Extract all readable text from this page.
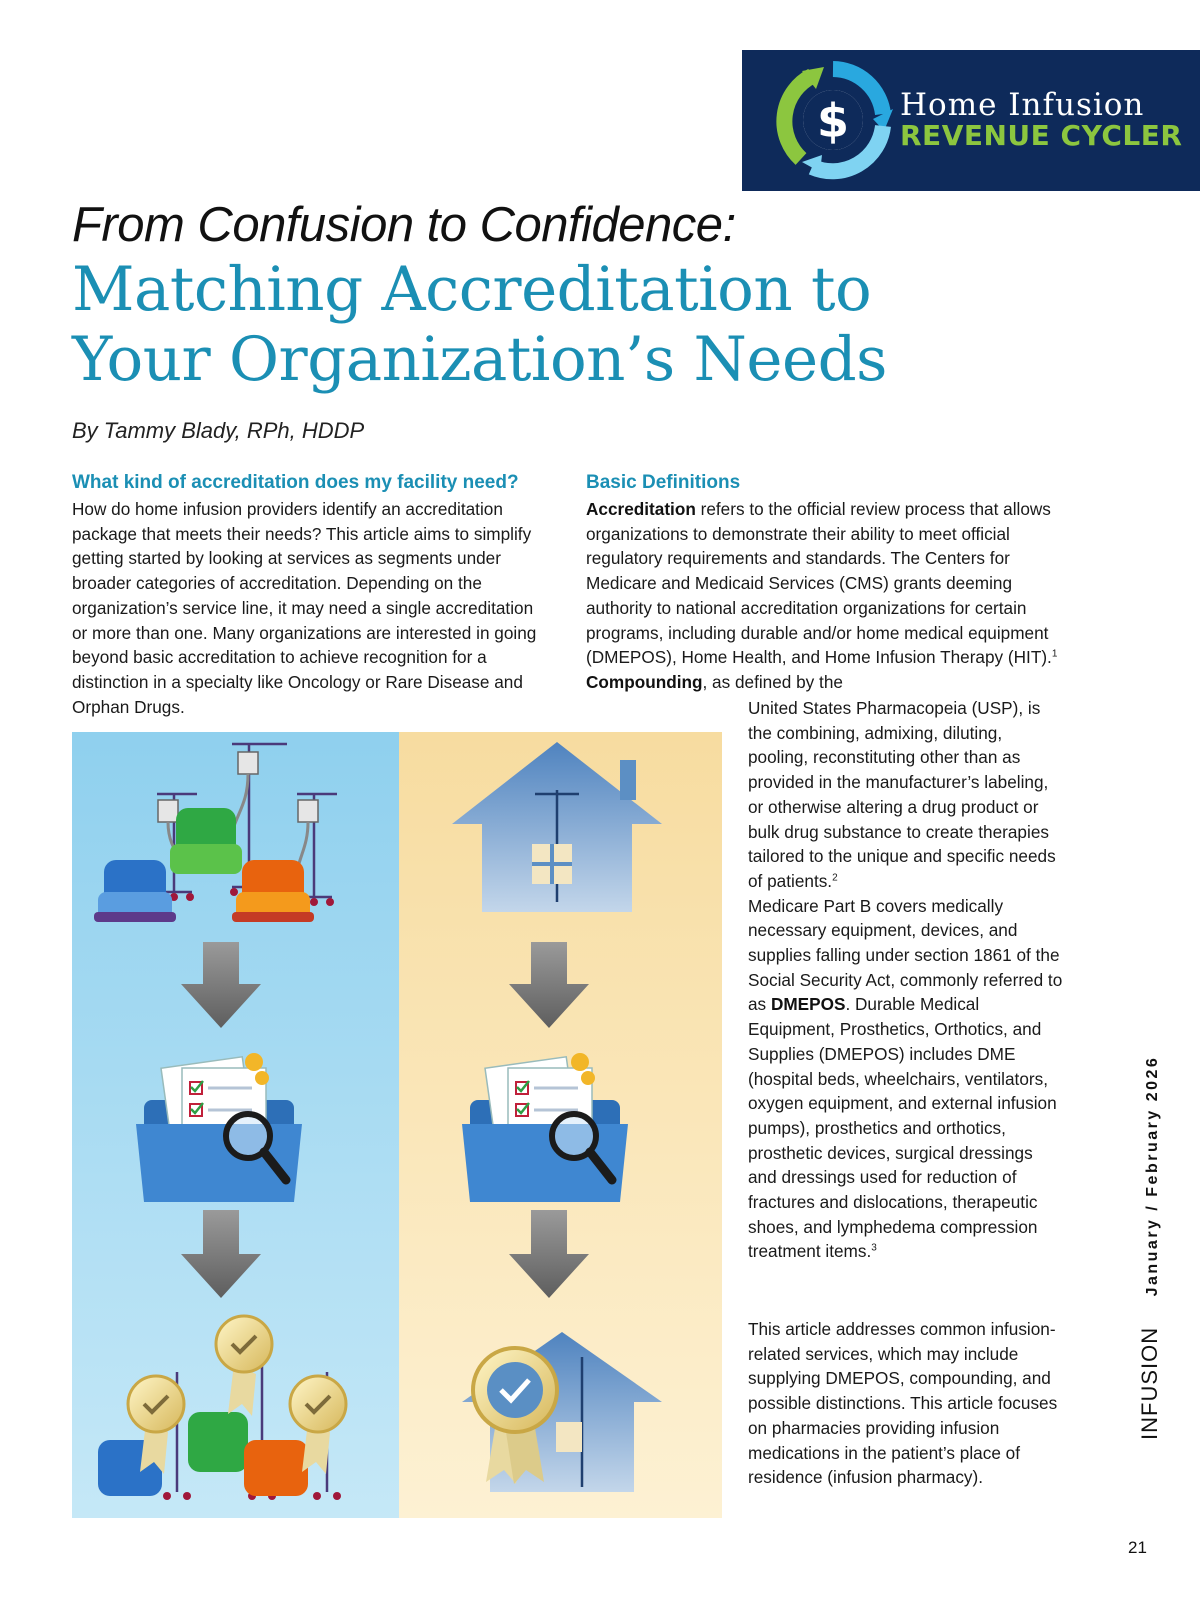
$ Home Infusion
REVENUE CYCLER
From Confusion to Confidence:
Matching Accreditation to
Your Organization’s Needs
By Tammy Blady, RPh, HDDP
What kind of accreditation does my facility need?
How do home infusion providers identify an accreditation package that meets their needs? This article aims to simplify getting started by looking at services as segments under broader categories of accreditation. Depending on the organization’s service line, it may need a single accreditation or more than one. Many organizations are interested in going beyond basic accreditation to achieve recognition for a distinction in a specialty like Oncology or Rare Disease and Orphan Drugs.
Basic Definitions
Accreditation refers to the official review process that allows organizations to demonstrate their ability to meet official regulatory requirements and standards. The Centers for Medicare and Medicaid Services (CMS) grants deeming authority to national accreditation organizations for certain programs, including durable and/or home medical equipment (DMEPOS), Home Health, and Home Infusion Therapy (HIT).$^1$ Compounding, as defined by the
United States Pharmacopeia (USP), is the combining, admixing, diluting, pooling, reconstituting other than as provided in the manufacturer’s labeling, or otherwise altering a drug product or bulk drug substance to create therapies tailored to the unique and specific needs of patients.$^2$
Medicare Part B covers medically necessary equipment, devices, and supplies falling under section 1861 of the Social Security Act, commonly referred to as DMEPOS. Durable Medical Equipment, Prosthetics, Orthotics, and Supplies (DMEPOS) includes DME (hospital beds, wheelchairs, ventilators, oxygen equipment, and external infusion pumps), prosthetics and orthotics, prosthetic devices, surgical dressings and dressings used for reduction of fractures and dislocations, therapeutic shoes, and lymphedema compression treatment items.$^3$
This article addresses common infusion-related services, which may include supplying DMEPOS, compounding, and possible distinctions. This article focuses on pharmacies providing infusion medications in the patient’s place of residence (infusion pharmacy).
INFUSION January / February 2026
21
